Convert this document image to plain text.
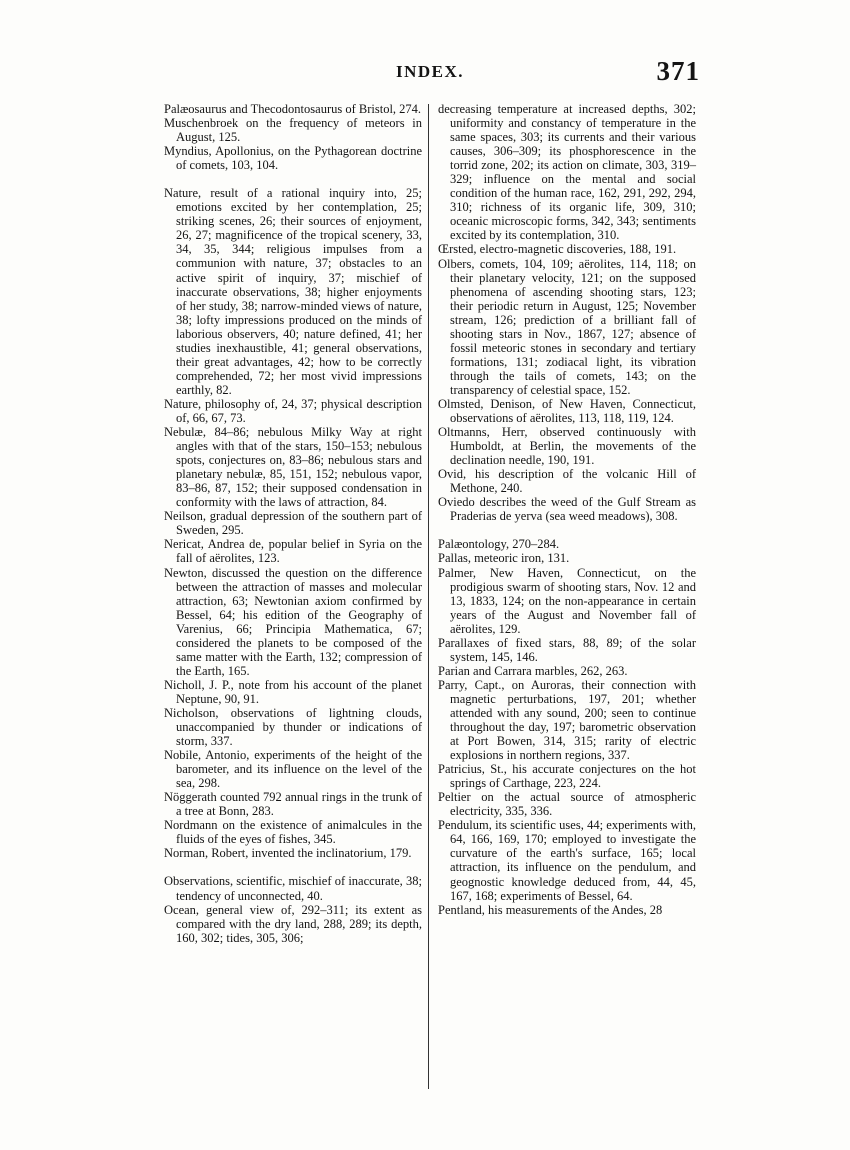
INDEX.	371

Palæosaurus and Thecodontosaurus of Bristol, 274.

Muschenbroek on the frequency of meteors in August, 125.

Myndius, Apollonius, on the Pythagorean doctrine of comets, 103, 104.

Nature, result of a rational inquiry into, 25; emotions excited by her contemplation, 25; striking scenes, 26; their sources of enjoyment, 26, 27; magnificence of the tropical scenery, 33, 34, 35, 344; religious impulses from a communion with nature, 37; obstacles to an active spirit of inquiry, 37; mischief of inaccurate observations, 38; higher enjoyments of her study, 38; narrow-minded views of nature, 38; lofty impressions produced on the minds of laborious observers, 40; nature defined, 41; her studies inexhaustible, 41; general observations, their great advantages, 42; how to be correctly comprehended, 72; her most vivid impressions earthly, 82.

Nature, philosophy of, 24, 37; physical description of, 66, 67, 73.

Nebulæ, 84–86; nebulous Milky Way at right angles with that of the stars, 150–153; nebulous spots, conjectures on, 83–86; nebulous stars and planetary nebulæ, 85, 151, 152; nebulous vapor, 83–86, 87, 152; their supposed condensation in conformity with the laws of attraction, 84.

Neilson, gradual depression of the southern part of Sweden, 295.

Nericat, Andrea de, popular belief in Syria on the fall of aërolites, 123.

Newton, discussed the question on the difference between the attraction of masses and molecular attraction, 63; Newtonian axiom confirmed by Bessel, 64; his edition of the Geography of Varenius, 66; Principia Mathematica, 67; considered the planets to be composed of the same matter with the Earth, 132; compression of the Earth, 165.

Nicholl, J. P., note from his account of the planet Neptune, 90, 91.

Nicholson, observations of lightning clouds, unaccompanied by thunder or indications of storm, 337.

Nobile, Antonio, experiments of the height of the barometer, and its influence on the level of the sea, 298.

Nöggerath counted 792 annual rings in the trunk of a tree at Bonn, 283.

Nordmann on the existence of animalcules in the fluids of the eyes of fishes, 345.

Norman, Robert, invented the inclinatorium, 179.

Observations, scientific, mischief of inaccurate, 38; tendency of unconnected, 40.

Ocean, general view of, 292–311; its extent as compared with the dry land, 288, 289; its depth, 160, 302; tides, 305, 306;

decreasing temperature at increased depths, 302; uniformity and constancy of temperature in the same spaces, 303; its currents and their various causes, 306–309; its phosphorescence in the torrid zone, 202; its action on climate, 303, 319–329; influence on the mental and social condition of the human race, 162, 291, 292, 294, 310; richness of its organic life, 309, 310; oceanic microscopic forms, 342, 343; sentiments excited by its contemplation, 310.

Œrsted, electro-magnetic discoveries, 188, 191.

Olbers, comets, 104, 109; aërolites, 114, 118; on their planetary velocity, 121; on the supposed phenomena of ascending shooting stars, 123; their periodic return in August, 125; November stream, 126; prediction of a brilliant fall of shooting stars in Nov., 1867, 127; absence of fossil meteoric stones in secondary and tertiary formations, 131; zodiacal light, its vibration through the tails of comets, 143; on the transparency of celestial space, 152.

Olmsted, Denison, of New Haven, Connecticut, observations of aërolites, 113, 118, 119, 124.

Oltmanns, Herr, observed continuously with Humboldt, at Berlin, the movements of the declination needle, 190, 191.

Ovid, his description of the volcanic Hill of Methone, 240.

Oviedo describes the weed of the Gulf Stream as Praderias de yerva (sea weed meadows), 308.

Palæontology, 270–284.

Pallas, meteoric iron, 131.

Palmer, New Haven, Connecticut, on the prodigious swarm of shooting stars, Nov. 12 and 13, 1833, 124; on the non-appearance in certain years of the August and November fall of aërolites, 129.

Parallaxes of fixed stars, 88, 89; of the solar system, 145, 146.

Parian and Carrara marbles, 262, 263.

Parry, Capt., on Auroras, their connection with magnetic perturbations, 197, 201; whether attended with any sound, 200; seen to continue throughout the day, 197; barometric observation at Port Bowen, 314, 315; rarity of electric explosions in northern regions, 337.

Patricius, St., his accurate conjectures on the hot springs of Carthage, 223, 224.

Peltier on the actual source of atmospheric electricity, 335, 336.

Pendulum, its scientific uses, 44; experiments with, 64, 166, 169, 170; employed to investigate the curvature of the earth's surface, 165; local attraction, its influence on the pendulum, and geognostic knowledge deduced from, 44, 45, 167, 168; experiments of Bessel, 64.

Pentland, his measurements of the Andes, 28
